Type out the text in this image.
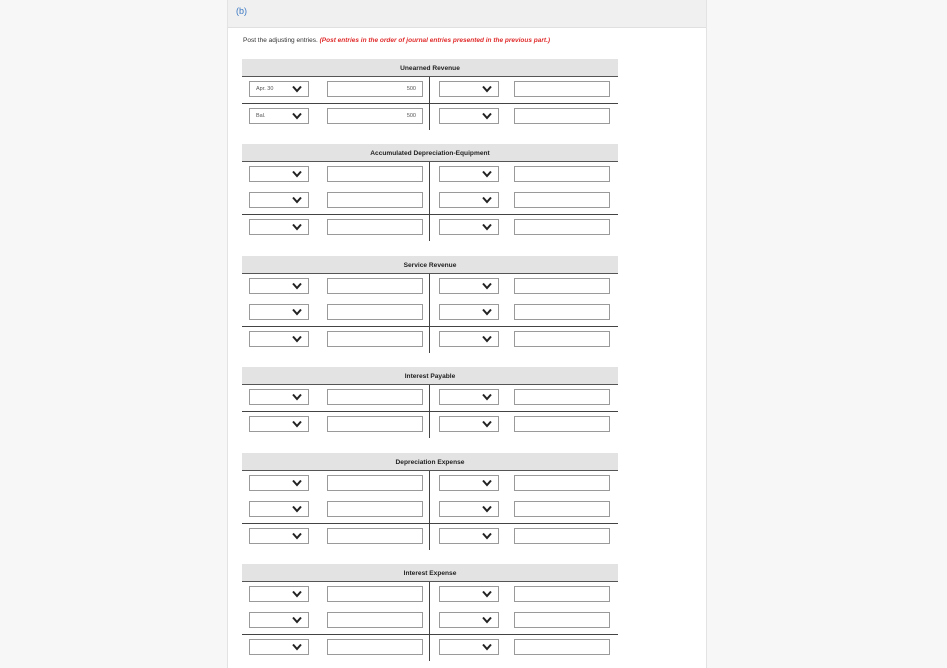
(b)
Post the adjusting entries. (Post entries in the order of journal entries presented in the previous part.)
Unearned Revenue
Apr. 30	500
Bal.	500
Accumulated Depreciation-Equipment
Service Revenue
Interest Payable
Depreciation Expense
Interest Expense
